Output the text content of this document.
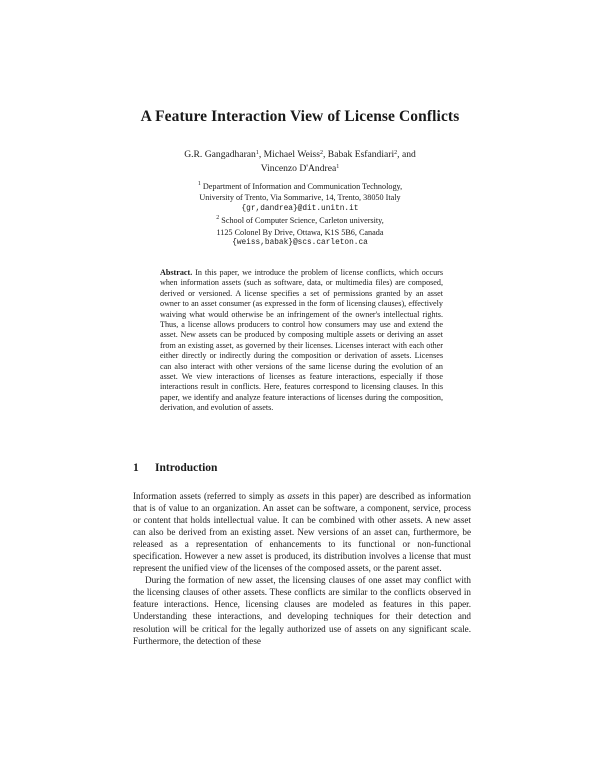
A Feature Interaction View of License Conflicts
G.R. Gangadharan$^1$, Michael Weiss$^2$, Babak Esfandiari$^2$, and
Vincenzo D'Andrea$^1$
$^1$ Department of Information and Communication Technology,
University of Trento, Via Sommarive, 14, Trento, 38050 Italy
{gr,dandrea}@dit.unitn.it
$^2$ School of Computer Science, Carleton university,
1125 Colonel By Drive, Ottawa, K1S 5B6, Canada
{weiss,babak}@scs.carleton.ca
Abstract. In this paper, we introduce the problem of license conflicts, which occurs when information assets (such as software, data, or multimedia files) are composed, derived or versioned. A license specifies a set of permissions granted by an asset owner to an asset consumer (as expressed in the form of licensing clauses), effectively waiving what would otherwise be an infringement of the owner's intellectual rights. Thus, a license allows producers to control how consumers may use and extend the asset. New assets can be produced by composing multiple assets or deriving an asset from an existing asset, as governed by their licenses. Licenses interact with each other either directly or indirectly during the composition or derivation of assets. Licenses can also interact with other versions of the same license during the evolution of an asset. We view interactions of licenses as feature interactions, especially if those interactions result in conflicts. Here, features correspond to licensing clauses. In this paper, we identify and analyze feature interactions of licenses during the composition, derivation, and evolution of assets.
1 Introduction

Information assets (referred to simply as assets in this paper) are described as information that is of value to an organization. An asset can be software, a component, service, process or content that holds intellectual value. It can be combined with other assets. A new asset can also be derived from an existing asset. New versions of an asset can, furthermore, be released as a representation of enhancements to its functional or non-functional specification. However a new asset is produced, its distribution involves a license that must represent the unified view of the licenses of the composed assets, or the parent asset.

During the formation of new asset, the licensing clauses of one asset may conflict with the licensing clauses of other assets. These conflicts are similar to the conflicts observed in feature interactions. Hence, licensing clauses are modeled as features in this paper. Understanding these interactions, and developing techniques for their detection and resolution will be critical for the legally authorized use of assets on any significant scale. Furthermore, the detection of these
